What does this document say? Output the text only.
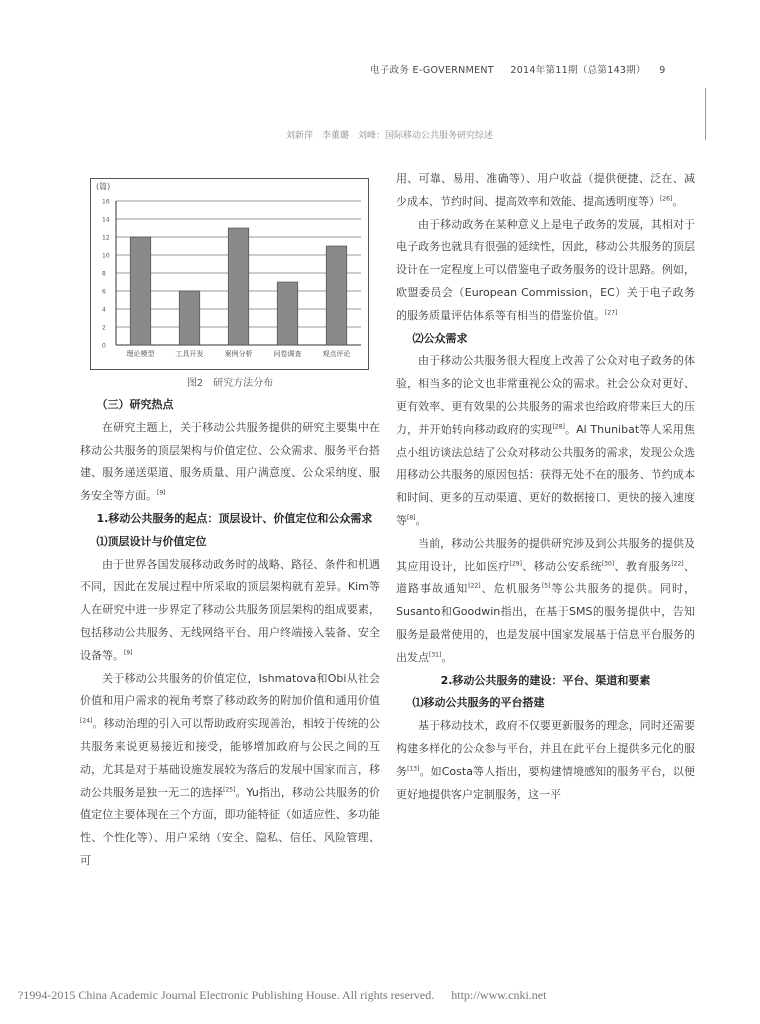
电子政务 E-GOVERNMENT 　 2014年第11期（总第143期） 9
刘新萍　李董璐　刘峰：国际移动公共服务研究综述
(篇)
0
2
4
6
8
10
12
14
16
理论模型	工具开发	案例分析	问卷调查	观点评论
图2　研究方法分布
（三）研究热点

在研究主题上，关于移动公共服务提供的研究主要集中在移动公共服务的顶层架构与价值定位、公众需求、服务平台搭建、服务递送渠道、服务质量、用户满意度、公众采纳度、服务安全等方面。[9]

1.移动公共服务的起点：顶层设计、价值定位和公众需求
⑴顶层设计与价值定位

由于世界各国发展移动政务时的战略、路径、条件和机遇不同，因此在发展过程中所采取的顶层架构就有差异。Kim等人在研究中进一步界定了移动公共服务顶层架构的组成要素，包括移动公共服务、无线网络平台、用户终端接入装备、安全设备等。[9]

关于移动公共服务的价值定位，Ishmatova和Obi从社会价值和用户需求的视角考察了移动政务的附加价值和通用价值[24]。移动治理的引入可以帮助政府实现善治，相较于传统的公共服务来说更易接近和接受，能够增加政府与公民之间的互动，尤其是对于基础设施发展较为落后的发展中国家而言，移动公共服务是独一无二的选择[25]。Yu指出，移动公共服务的价值定位主要体现在三个方面，即功能特征（如适应性、多功能性、个性化等）、用户采纳（安全、隐私、信任、风险管理、可

用、可靠、易用、准确等）、用户收益（提供便捷、泛在、减少成本、节约时间、提高效率和效能、提高透明度等）[26]。

由于移动政务在某种意义上是电子政务的发展，其相对于电子政务也就具有很强的延续性，因此，移动公共服务的顶层设计在一定程度上可以借鉴电子政务服务的设计思路。例如，欧盟委员会（European Commission，EC）关于电子政务的服务质量评估体系等有相当的借鉴价值。[27]

⑵公众需求

由于移动公共服务很大程度上改善了公众对电子政务的体验，相当多的论文也非常重视公众的需求。社会公众对更好、更有效率、更有效果的公共服务的需求也给政府带来巨大的压力，并开始转向移动政府的实现[28]。Al Thunibat等人采用焦点小组访谈法总结了公众对移动公共服务的需求，发现公众选用移动公共服务的原因包括：获得无处不在的服务、节约成本和时间、更多的互动渠道、更好的数据接口、更快的接入速度等[8]。

当前，移动公共服务的提供研究涉及到公共服务的提供及其应用设计，比如医疗[29]、移动公安系统[30]、教育服务[22]、道路事故通知[22]、危机服务[5]等公共服务的提供。同时，Susanto和Goodwin指出，在基于SMS的服务提供中，告知服务是最常使用的，也是发展中国家发展基于信息平台服务的出发点[31]。

2.移动公共服务的建设：平台、渠道和要素
⑴移动公共服务的平台搭建

基于移动技术，政府不仅要更新服务的理念，同时还需要构建多样化的公众参与平台，并且在此平台上提供多元化的服务[13]。如Costa等人指出，要构建情境感知的服务平台，以便更好地提供客户定制服务，这一平

?1994-2015 China Academic Journal Electronic Publishing House. All rights reserved. http://www.cnki.net
